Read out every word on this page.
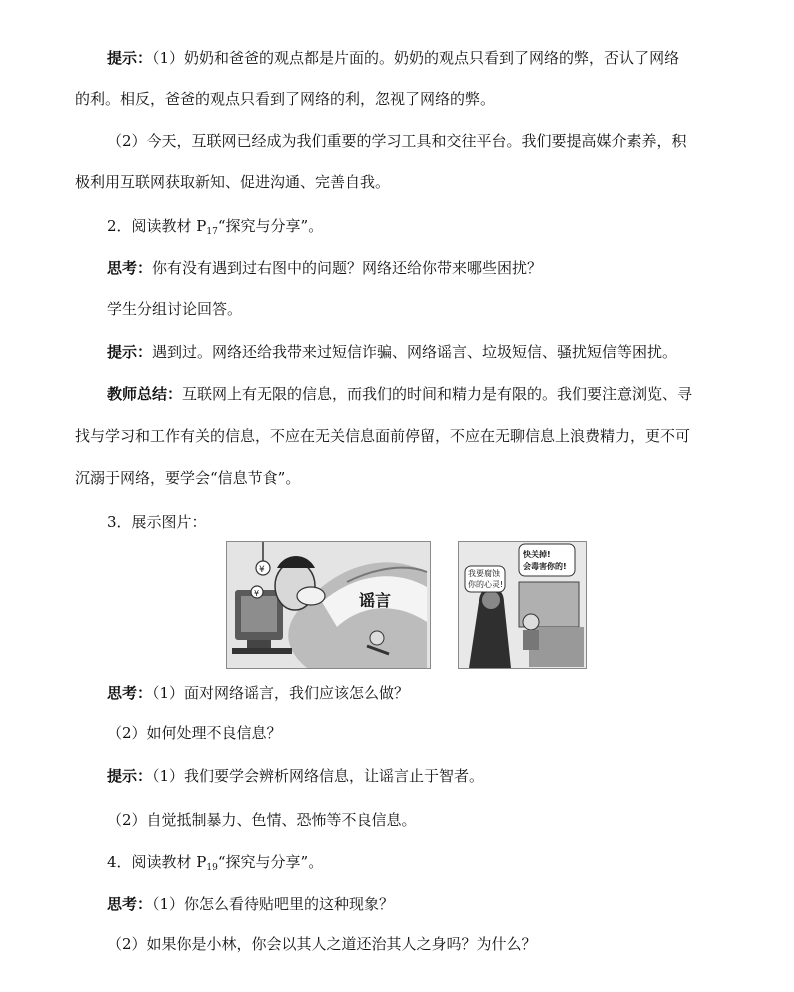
提示：（1）奶奶和爸爸的观点都是片面的。奶奶的观点只看到了网络的弊，否认了网络
的利。相反，爸爸的观点只看到了网络的利，忽视了网络的弊。
（2）今天，互联网已经成为我们重要的学习工具和交往平台。我们要提高媒介素养，积
极利用互联网获取新知、促进沟通、完善自我。
2．阅读教材 $P_{17}“$探究与分享”。
思考：你有没有遇到过右图中的问题？网络还给你带来哪些困扰？
学生分组讨论回答。
提示：遇到过。网络还给我带来过短信诈骗、网络谣言、垃圾短信、骚扰短信等困扰。
教师总结：互联网上有无限的信息，而我们的时间和精力是有限的。我们要注意浏览、寻
找与学习和工作有关的信息，不应在无关信息面前停留，不应在无聊信息上浪费精力，更不可
沉溺于网络，要学会“信息节食”。
3．展示图片：
¥
¥	谣言
我要腐蚀
你的心灵!
快关掉!
会毒害你的!
思考：（1）面对网络谣言，我们应该怎么做？
（2）如何处理不良信息？
提示：（1）我们要学会辨析网络信息，让谣言止于智者。
（2）自觉抵制暴力、色情、恐怖等不良信息。
4．阅读教材 $P_{19}“$探究与分享”。
思考：（1）你怎么看待贴吧里的这种现象？
（2）如果你是小林，你会以其人之道还治其人之身吗？为什么？
